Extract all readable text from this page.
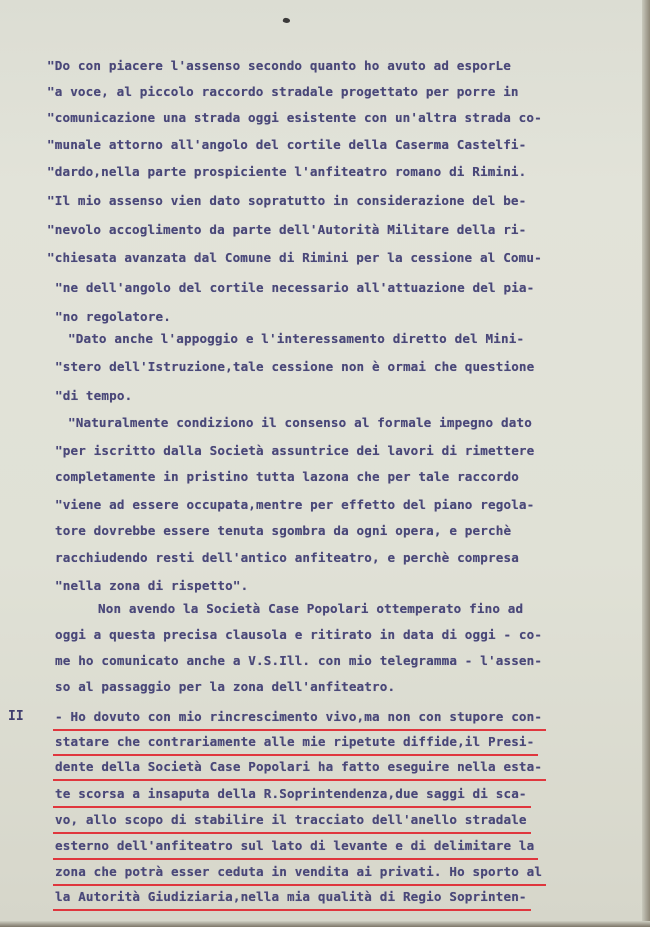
"Do con piacere l'assenso secondo quanto ho avuto ad esporLe

"a voce, al piccolo raccordo stradale progettato per porre in

"comunicazione una strada oggi esistente con un'altra strada co-

"munale attorno all'angolo del cortile della Caserma Castelfi-

"dardo,nella parte prospiciente l'anfiteatro romano di Rimini.

"Il mio assenso vien dato sopratutto in considerazione del be-

"nevolo accoglimento da parte dell'Autorità Militare della ri-

"chiesata avanzata dal Comune di Rimini per la cessione al Comu-

"ne dell'angolo del cortile necessario all'attuazione del pia-

"no regolatore.

"Dato anche l'appoggio e l'interessamento diretto del Mini-

"stero dell'Istruzione,tale cessione non è ormai che questione

"di tempo.

"Naturalmente condiziono il consenso al formale impegno dato

"per iscritto dalla Società assuntrice dei lavori di rimettere

completamente in pristino tutta lazona che per tale raccordo

"viene ad essere occupata,mentre per effetto del piano regola-

tore dovrebbe essere tenuta sgombra da ogni opera, e perchè

racchiudendo resti dell'antico anfiteatro, e perchè compresa

"nella zona di rispetto".

Non avendo la Società Case Popolari ottemperato fino ad

oggi a questa precisa clausola e ritirato in data di oggi - co-

me ho comunicato anche a V.S.Ill. con mio telegramma - l'assen-

so al passaggio per la zona dell'anfiteatro.

- Ho dovuto con mio rincrescimento vivo,ma non con stupore con-

statare che contrariamente alle mie ripetute diffide,il Presi-

dente della Società Case Popolari ha fatto eseguire nella esta-

te scorsa a insaputa della R.Soprintendenza,due saggi di sca-

vo, allo scopo di stabilire il tracciato dell'anello stradale

esterno dell'anfiteatro sul lato di levante e di delimitare la

zona che potrà esser ceduta in vendita ai privati. Ho sporto al

la Autorità Giudiziaria,nella mia qualità di Regio Soprinten-

II
